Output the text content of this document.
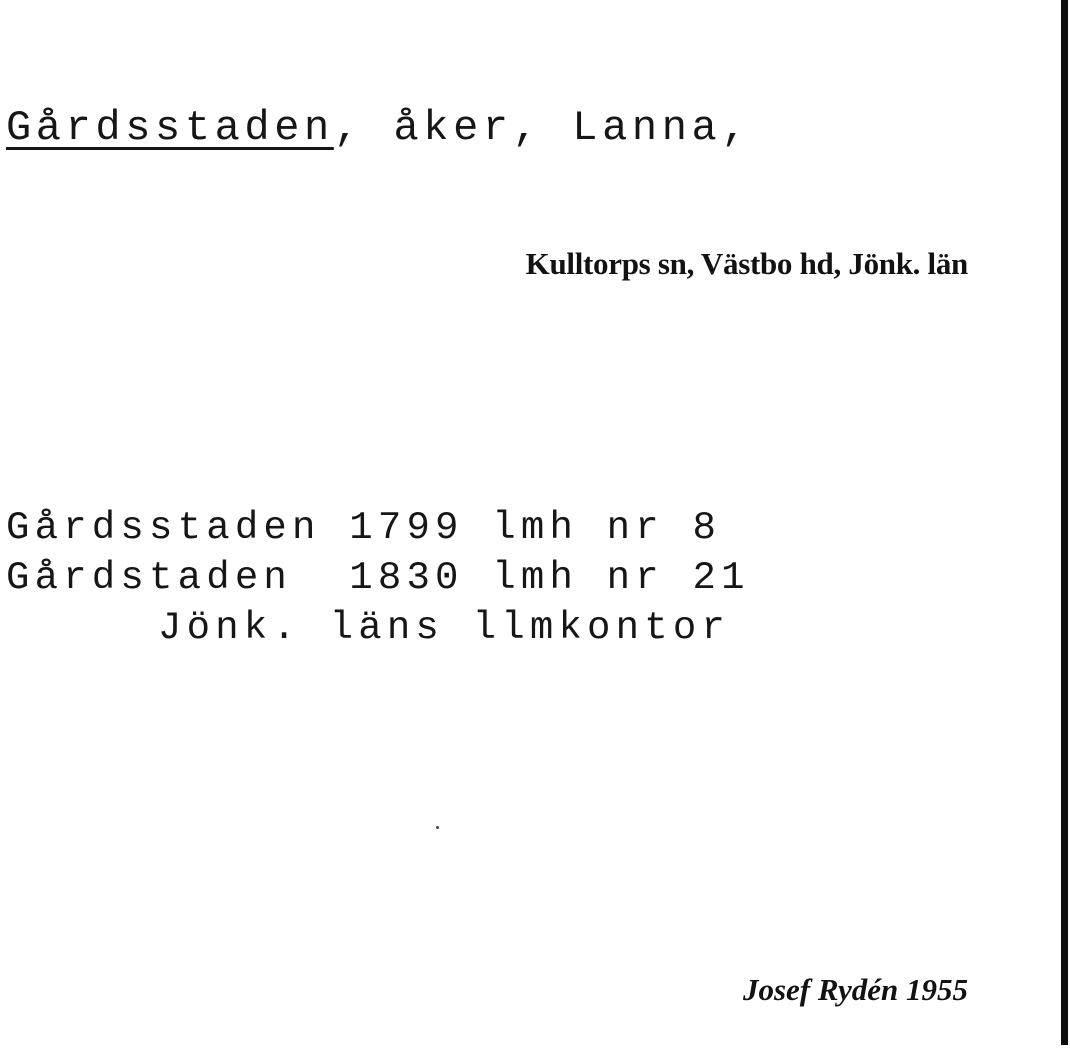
Gårdsstaden, åker, Lanna,
Kulltorps sn, Västbo hd, Jönk. län
Gårdsstaden 1799 lmh nr 8
Gårdstaden  1830 lmh nr 21
Jönk. läns llmkontor
Josef Rydén 1955
